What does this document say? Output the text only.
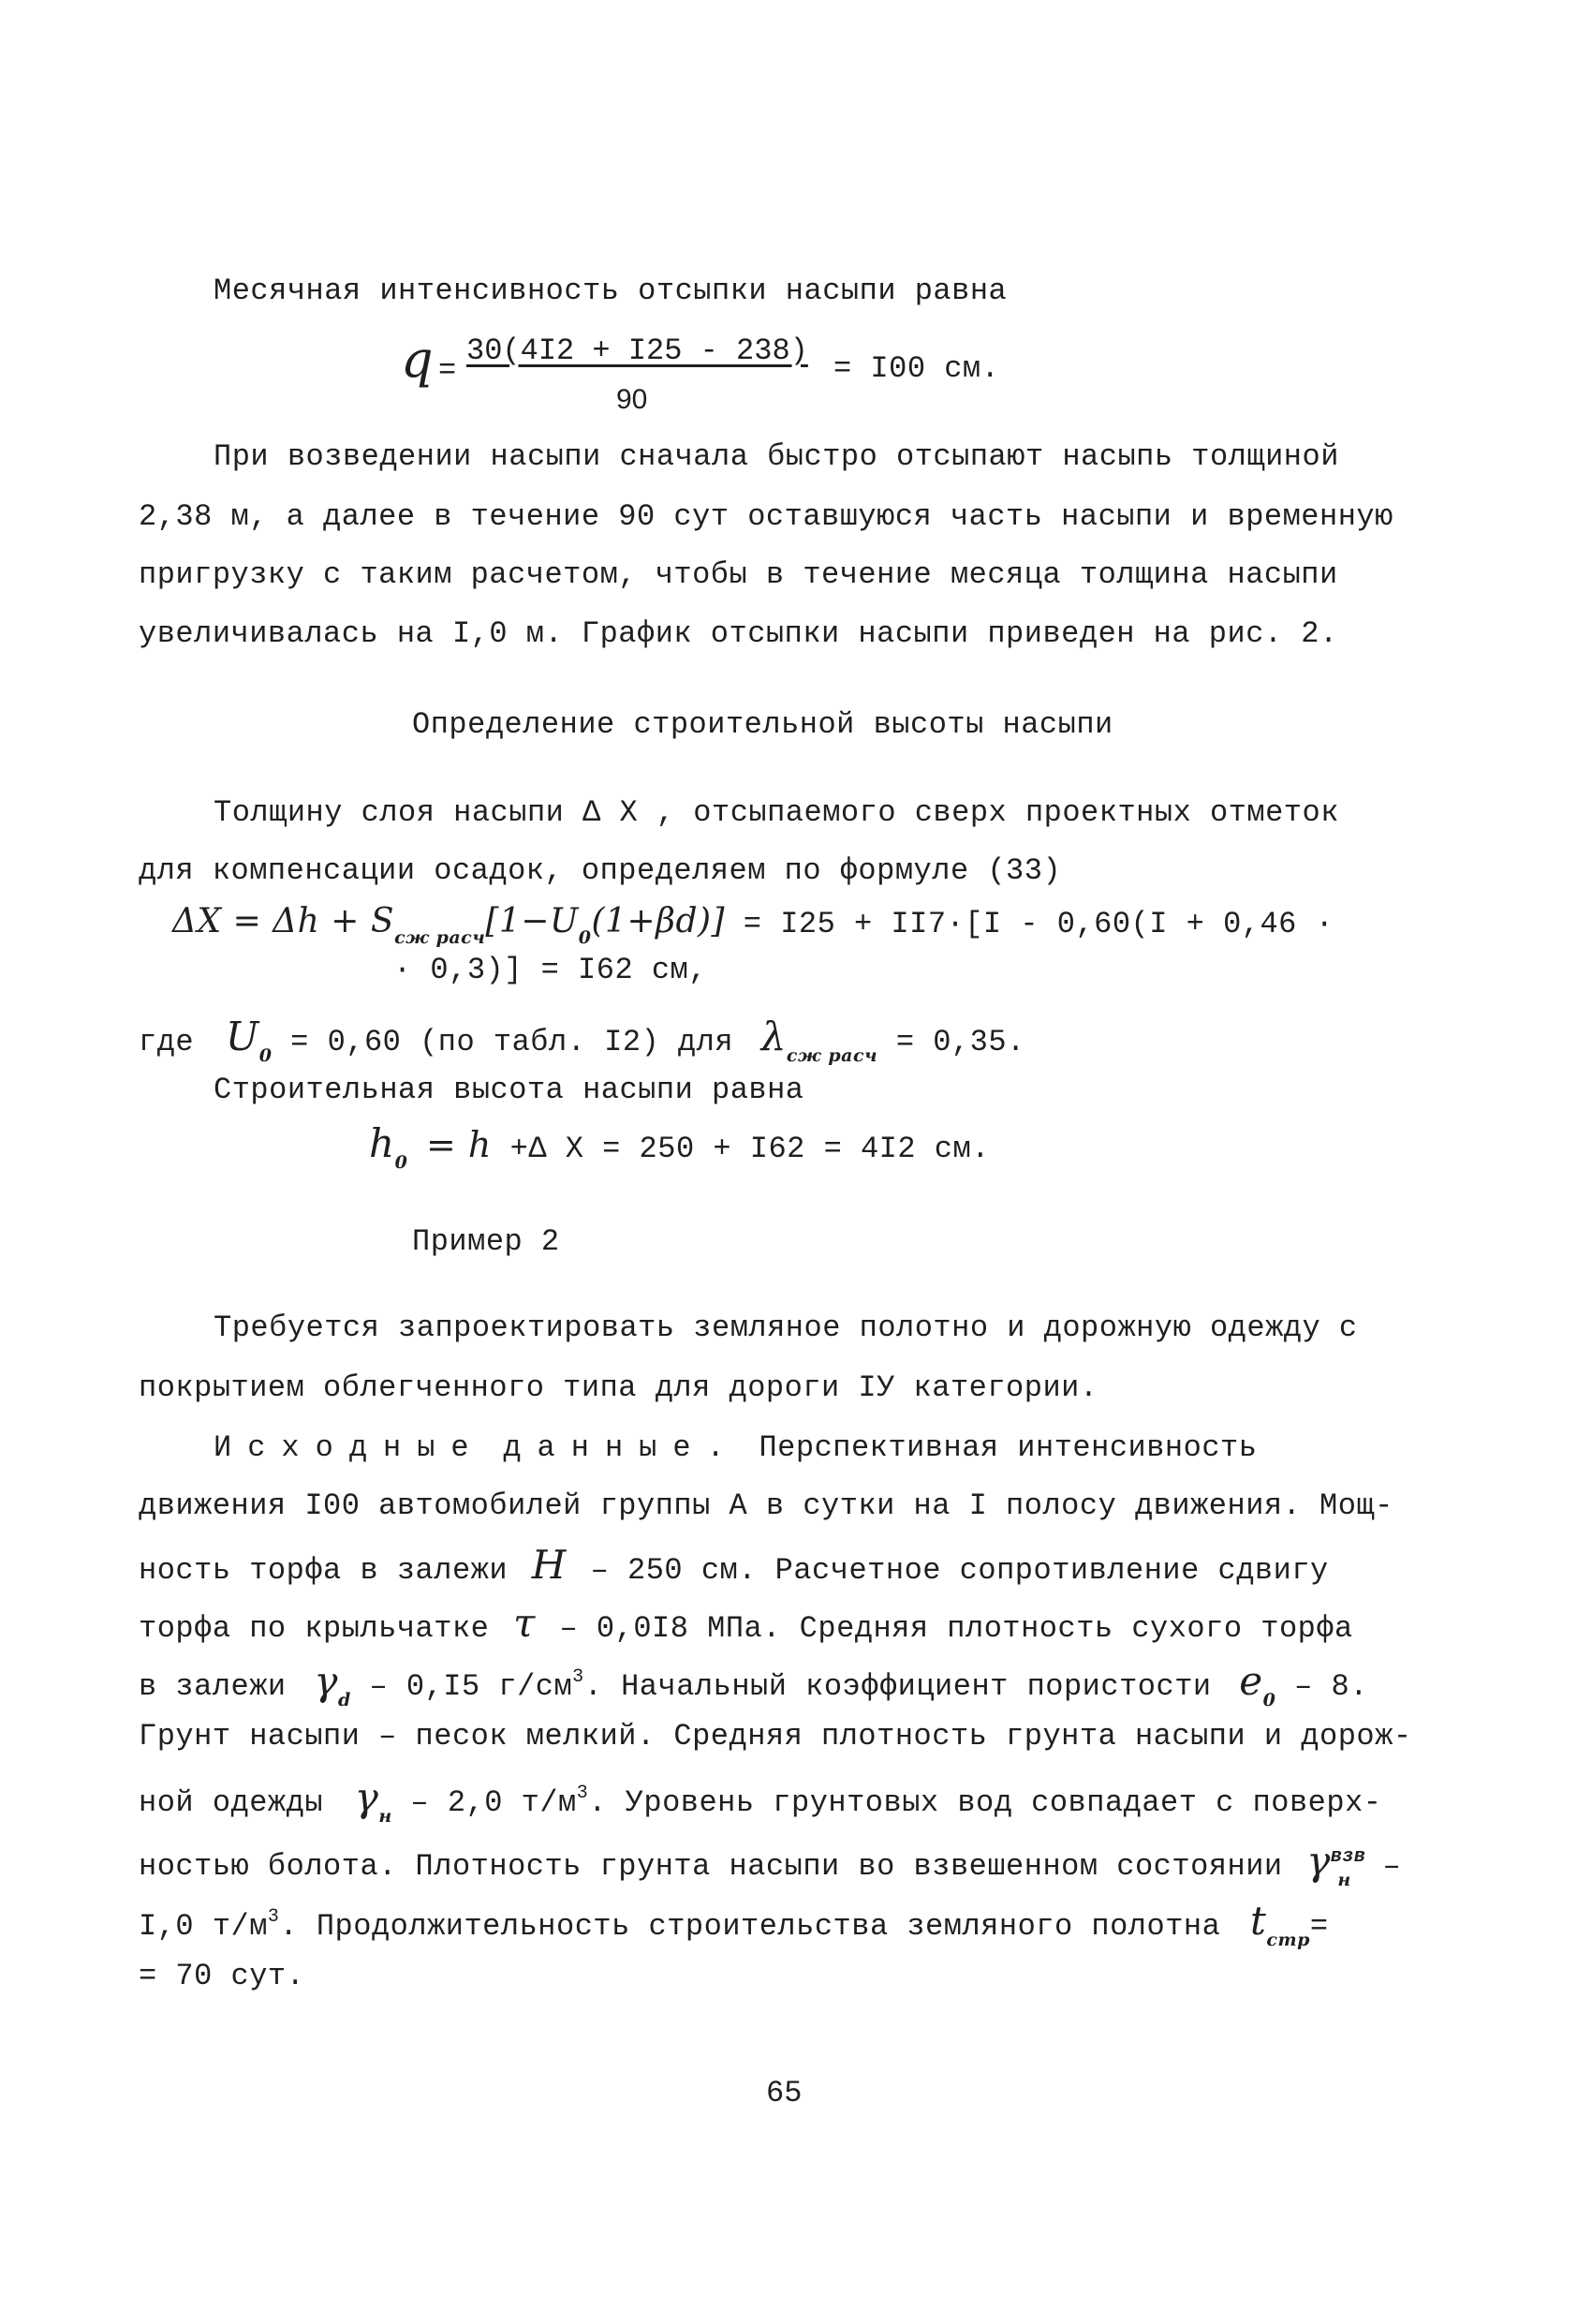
Месячная интенсивность отсыпки насыпи равна
q =
30(4I2 + I25 - 238)
90
= I00 см.
При возведении насыпи сначала быстро отсыпают насыпь толщиной
2,38 м, а далее в течение 90 сут оставшуюся часть насыпи и временную
пригрузку с таким расчетом, чтобы в течение месяца толщина насыпи
увеличивалась на I,0 м. График отсыпки насыпи приведен на рис. 2.
Определение строительной высоты насыпи
Толщину слоя насыпи Δ X , отсыпаемого сверх проектных отметок
для компенсации осадок, определяем по формуле (33)
$\Delta X = \Delta h + S_{сж расч}[1-U_0(1+\beta d)] = I25 + II7\cdot[I - 0,60(I + 0,46$ ·
· 0,3)] = I62 см,
где $U_0 = 0,60$ (по табл. I2) для $\lambda_{сж расч} = 0,35$.
Строительная высота насыпи равна
$h_0 = h +\Delta$ X = 250 + I62 = 4I2 см.
Пример 2
Требуется запроектировать земляное полотно и дорожную одежду с
покрытием облегченного типа для дороги IУ категории.
Исходные данные. Перспективная интенсивность
движения I00 автомобилей группы А в сутки на I полосу движения. Мощ-
ность торфа в залежи H – 250 см. Расчетное сопротивление сдвигу
торфа по крыльчатке τ – 0,0I8 МПа. Средняя плотность сухого торфа
в залежи $\gamma_d - 0,I5$ $г/см^3$. Начальный коэффициент пористости $e_0 - 8$.
Грунт насыпи – песок мелкий. Средняя плотность грунта насыпи и дорож-
ной одежды $\gamma_н - 2,0$ $т/м^3$. Уровень грунтовых вод совпадает с поверх-
ностью болота. Плотность грунта насыпи во взвешенном состоянии $\gamma^{взв}_н$ –
I,0 $т/м^3$. Продолжительность строительства земляного полотна $t_{стр}=$
= 70 сут.
65
